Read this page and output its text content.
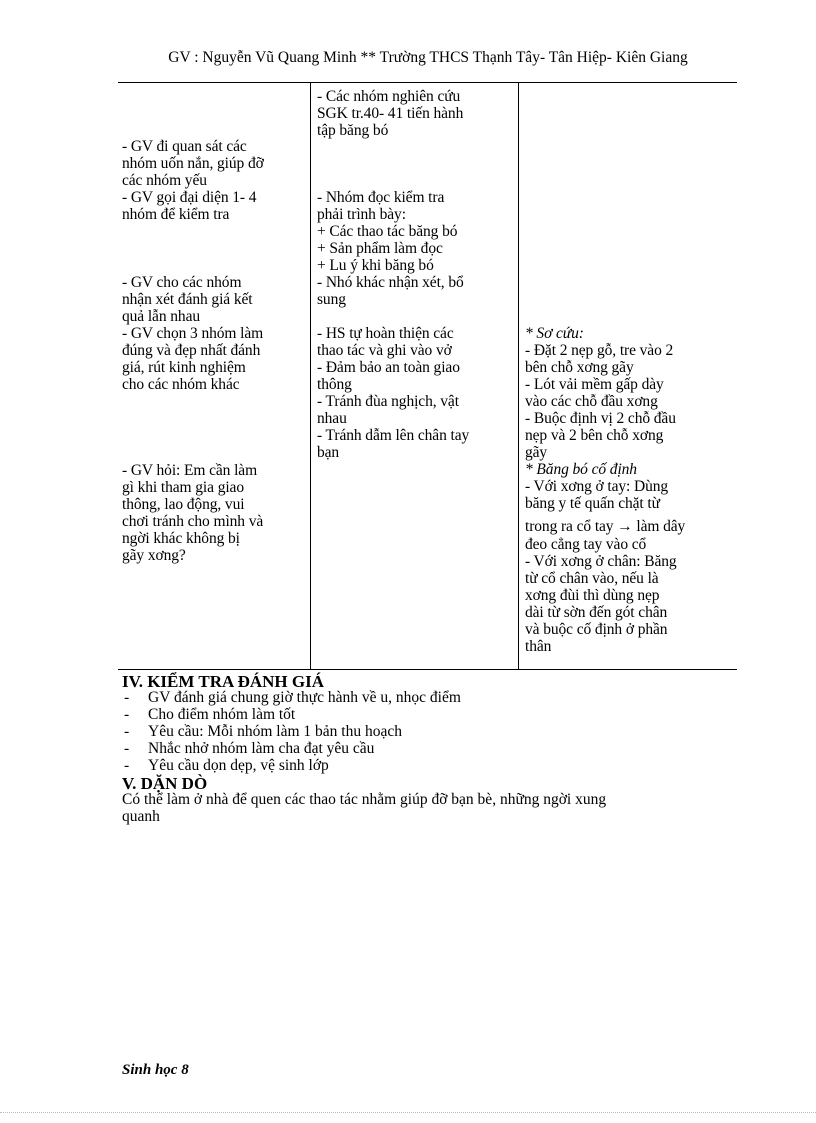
GV : Nguyễn Vũ Quang Minh ** Trường THCS Thạnh Tây- Tân Hiệp- Kiên Giang
- GV đi quan sát các
nhóm uốn nắn, giúp đỡ
các nhóm yếu
- GV gọi đại diện 1- 4
nhóm để kiểm tra
- GV cho các nhóm
nhận xét đánh giá kết
quả lẫn nhau
- GV chọn 3 nhóm làm
đúng và đẹp nhất đánh
giá, rút kinh nghiệm
cho các nhóm khác
- GV hỏi: Em cần làm
gì khi tham gia giao
thông, lao động, vui
chơi tránh cho mình và
ngời khác không bị
gãy xơng?
- Các nhóm nghiên cứu
SGK tr.40- 41 tiến hành
tập băng bó
- Nhóm đọc kiểm tra
phải trình bày:
+ Các thao tác băng bó
+ Sản phẩm làm đọc
+ Lu ý khi băng bó
- Nhó khác nhận xét, bổ
sung
- HS tự hoàn thiện các
thao tác và ghi vào vở
- Đảm bảo an toàn giao
thông
- Tránh đùa nghịch, vật
nhau
- Tránh dẫm lên chân tay
bạn
* Sơ cứu:
- Đặt 2 nẹp gỗ, tre vào 2
bên chỗ xơng gãy
- Lót vải mềm gấp dày
vào các chỗ đầu xơng
- Buộc định vị 2 chỗ đầu
nẹp và 2 bên chỗ xơng
gãy
* Băng bó cố định
- Với xơng ở tay: Dùng
băng y tế quấn chặt từ
trong ra cổ tay → làm dây
đeo cẳng tay vào cổ
- Với xơng ở chân: Băng
từ cổ chân vào, nếu là
xơng đùi thì dùng nẹp
dài từ sờn đến gót chân
và buộc cố định ở phần
thân
IV. KIỂM TRA ĐÁNH GIÁ
- GV đánh giá chung giờ thực hành về u, nhọc điểm
- Cho điểm nhóm làm tốt
- Yêu cầu: Mỗi nhóm làm 1 bản thu hoạch
- Nhắc nhở nhóm làm cha đạt yêu cầu
- Yêu cầu dọn dẹp, vệ sinh lớp
V. DẶN DÒ
Có thể làm ở nhà để quen các thao tác nhằm giúp đỡ bạn bè, những ngời xung
quanh
Sinh học 8
